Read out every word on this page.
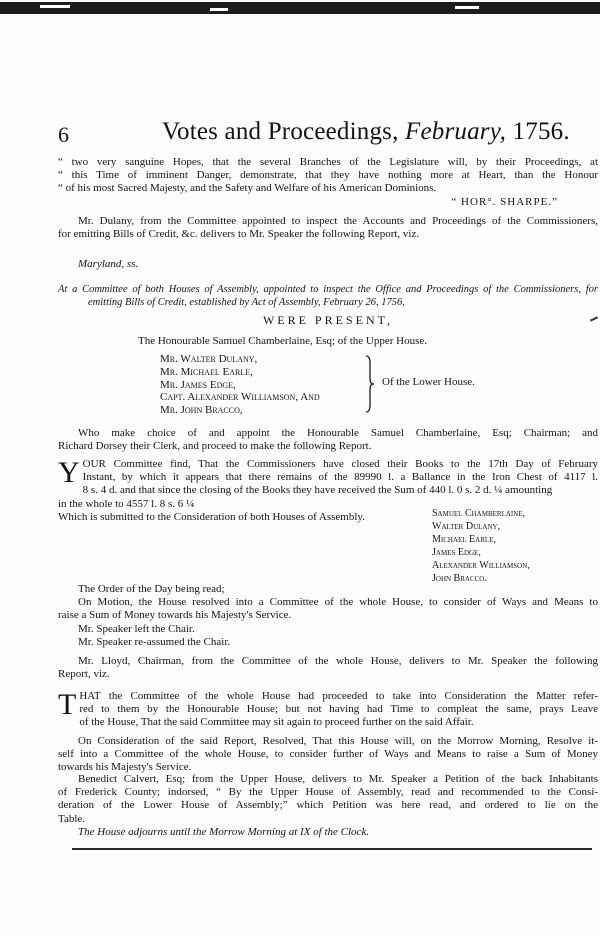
6	Votes and Proceedings, February, 1756.

“ two very sanguine Hopes, that the several Branches of the Legislature will, by their Proceedings, at

“ this Time of imminent Danger, demonstrate, that they have nothing more at Heart, than the Honour

“ of his most Sacred Majesty, and the Safety and Welfare of his American Dominions.

“ HOR°. SHARPE.”

Mr. Dulany, from the Committee appointed to inspect the Accounts and Proceedings of the Commissioners,

for emitting Bills of Credit, &c. delivers to Mr. Speaker the following Report, viz.

Maryland, ss.

At a Committee of both Houses of Assembly, appointed to inspect the Office and Proceedings of the Commissioners, for

emitting Bills of Credit, established by Act of Assembly, February 26, 1756,

WERE PRESENT,

The Honourable Samuel Chamberlaine, Esq; of the Upper House.

Mr. Walter Dulany,
Mr. Michael Earle,
Mr. James Edge,
Capt. Alexander Williamson, And
Mr. John Bracco,
Of the Lower House.

Who make choice of and appoint the Honourable Samuel Chamberlaine, Esq; Chairman; and

Richard Dorsey their Clerk, and proceed to make the following Report.

Y OUR Committee find, That the Commissioners have closed their Books to the 17th Day of February

Instant, by which it appears that there remains of the 89990 l. a Ballance in the Iron Chest of 4117 l.

8 s. 4 d. and that since the closing of the Books they have received the Sum of 440 l. 0 s. 2 d. ¼ amounting

in the whole to 4557 l. 8 s. 6 ¼

Which is submitted to the Consideration of both Houses of Assembly.	Samuel Chamberlaine,
Walter Dulany,
Michael Earle,
James Edge,
Alexander Williamson,
John Bracco.

The Order of the Day being read;

On Motion, the House resolved into a Committee of the whole House, to consider of Ways and Means to

raise a Sum of Money towards his Majesty's Service.

Mr. Speaker left the Chair.

Mr. Speaker re-assumed the Chair.

Mr. Lloyd, Chairman, from the Committee of the whole House, delivers to Mr. Speaker the following

Report, viz.

T HAT the Committee of the whole House had proceeded to take into Consideration the Matter refer-

red to them by the Honourable House; but not having had Time to compleat the same, prays Leave

of the House, That the said Committee may sit again to proceed further on the said Affair.

On Consideration of the said Report, Resolved, That this House will, on the Morrow Morning, Resolve it-

self into a Committee of the whole House, to consider further of Ways and Means to raise a Sum of Money

towards his Majesty's Service.

Benedict Calvert, Esq; from the Upper House, delivers to Mr. Speaker a Petition of the back Inhabitants

of Frederick County; indorsed, “ By the Upper House of Assembly, read and recommended to the Consi-

deration of the Lower House of Assembly;” which Petition was here read, and ordered to lie on the

Table.

The House adjourns until the Morrow Morning at IX of the Clock.
